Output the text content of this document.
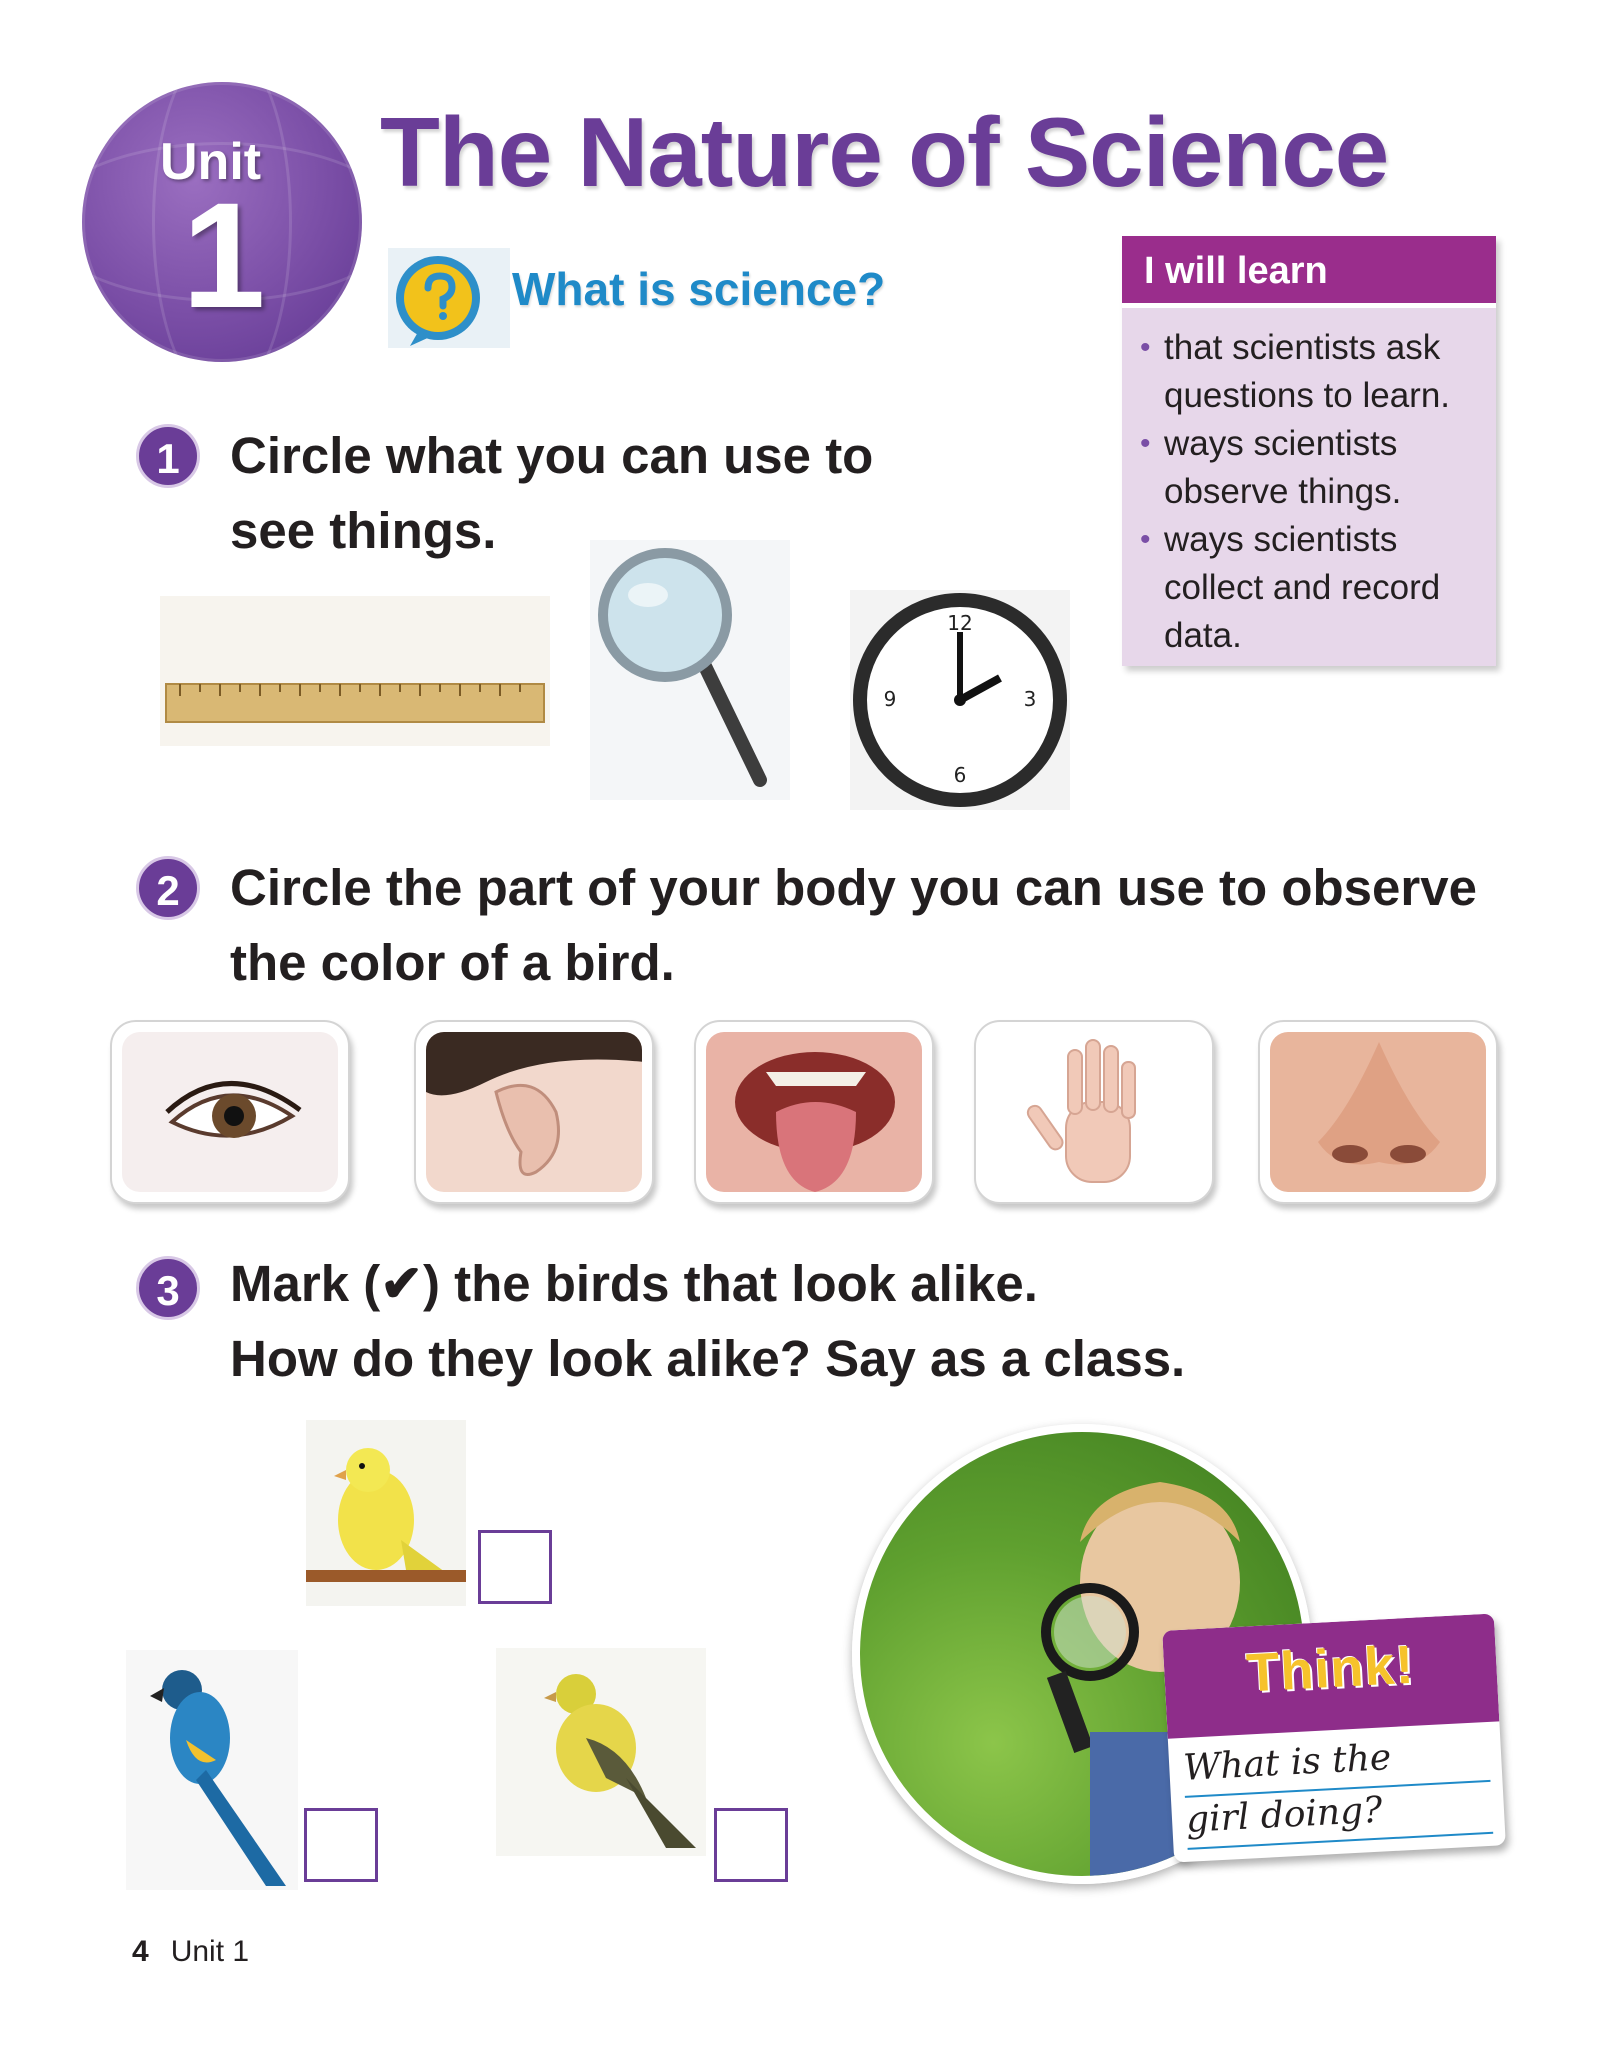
Unit
1
The Nature of Science
What is science?	I will learn
• that scientists ask questions to learn.
• ways scientists observe things.
• ways scientists collect and record data.
1 Circle what you can use to
see things.
12
3
6
9
2 Circle the part of your body you can use to observe
the color of a bird.
3 Mark (✔) the birds that look alike.
How do they look alike? Say as a class.
Think!
What is the
girl doing?
4 Unit 1
